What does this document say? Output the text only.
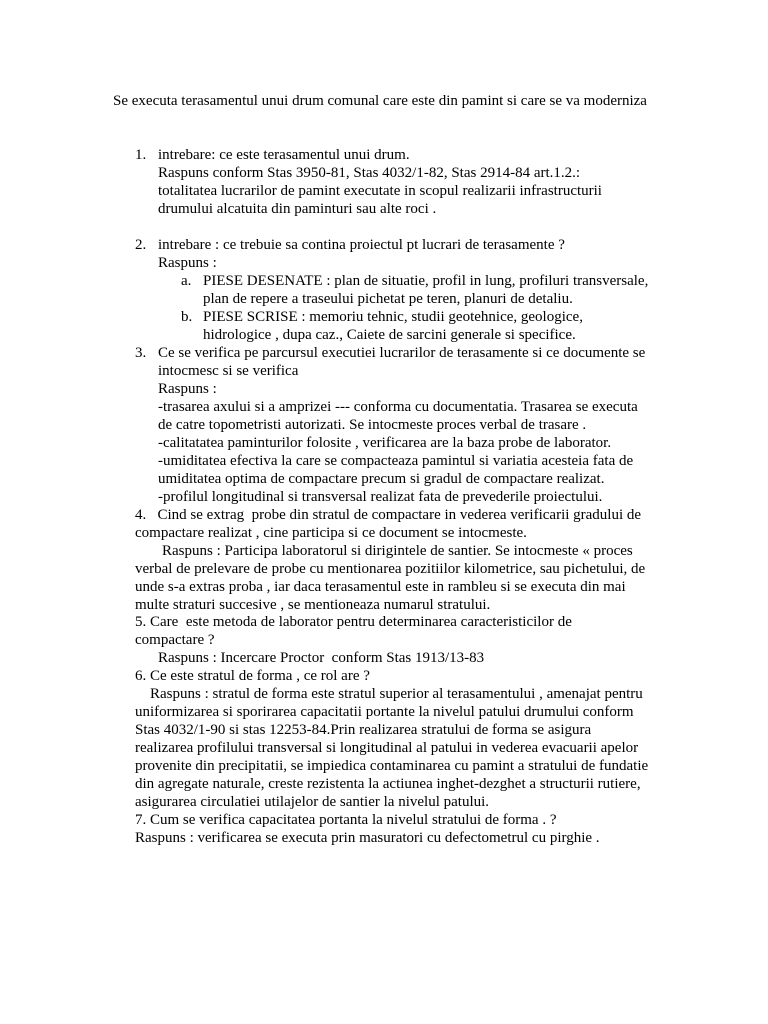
Se executa terasamentul unui drum comunal care este din pamint si care se va moderniza
1. intrebare: ce este terasamentul unui drum.
Raspuns conform Stas 3950-81, Stas 4032/1-82, Stas 2914-84 art.1.2.:
totalitatea lucrarilor de pamint executate in scopul realizarii infrastructurii
drumului alcatuita din paminturi sau alte roci .
2. intrebare : ce trebuie sa contina proiectul pt lucrari de terasamente ?
Raspuns :
a. PIESE DESENATE : plan de situatie, profil in lung, profiluri transversale,
plan de repere a traseului pichetat pe teren, planuri de detaliu.
b. PIESE SCRISE : memoriu tehnic, studii geotehnice, geologice,
hidrologice , dupa caz., Caiete de sarcini generale si specifice.
3. Ce se verifica pe parcursul executiei lucrarilor de terasamente si ce documente se
intocmesc si se verifica
Raspuns :
-trasarea axului si a amprizei --- conforma cu documentatia. Trasarea se executa
de catre topometristi autorizati. Se intocmeste proces verbal de trasare .
-calitatatea paminturilor folosite , verificarea are la baza probe de laborator.
-umiditatea efectiva la care se compacteaza pamintul si variatia acesteia fata de
umiditatea optima de compactare precum si gradul de compactare realizat.
-profilul longitudinal si transversal realizat fata de prevederile proiectului.
4.   Cind se extrag  probe din stratul de compactare in vederea verificarii gradului de
compactare realizat , cine participa si ce document se intocmeste.
Raspuns : Participa laboratorul si dirigintele de santier. Se intocmeste « proces
verbal de prelevare de probe cu mentionarea pozitiilor kilometrice, sau pichetului, de
unde s-a extras proba , iar daca terasamentul este in rambleu si se executa din mai
multe straturi succesive , se mentioneaza numarul stratului.
5. Care  este metoda de laborator pentru determinarea caracteristicilor de
compactare ?
Raspuns : Incercare Proctor  conform Stas 1913/13-83
6. Ce este stratul de forma , ce rol are ?
Raspuns : stratul de forma este stratul superior al terasamentului , amenajat pentru
uniformizarea si sporirarea capacitatii portante la nivelul patului drumului conform
Stas 4032/1-90 si stas 12253-84.Prin realizarea stratului de forma se asigura
realizarea profilului transversal si longitudinal al patului in vederea evacuarii apelor
provenite din precipitatii, se impiedica contaminarea cu pamint a stratului de fundatie
din agregate naturale, creste rezistenta la actiunea inghet-dezghet a structurii rutiere,
asigurarea circulatiei utilajelor de santier la nivelul patului.
7. Cum se verifica capacitatea portanta la nivelul stratului de forma . ?
Raspuns : verificarea se executa prin masuratori cu defectometrul cu pirghie .
